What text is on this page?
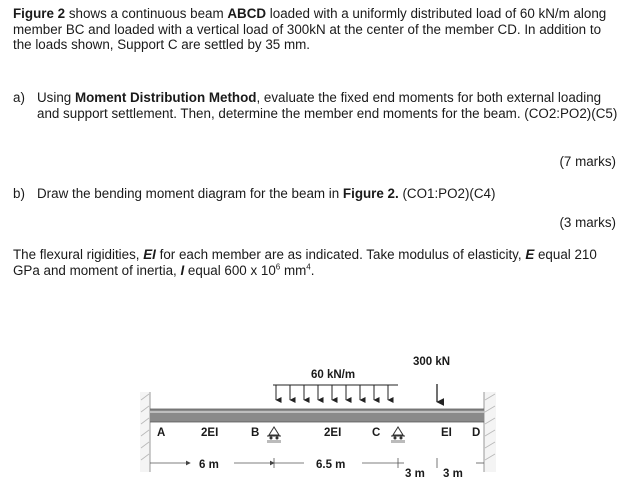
Figure 2 shows a continuous beam ABCD loaded with a uniformly distributed load of 60 kN/m along member BC and loaded with a vertical load of 300kN at the center of the member CD. In addition to the loads shown, Support C are settled by 35 mm.
a) Using Moment Distribution Method, evaluate the fixed end moments for both external loading and support settlement. Then, determine the member end moments for the beam. (CO2:PO2)(C5)
(7 marks)
b) Draw the bending moment diagram for the beam in Figure 2. (CO1:PO2)(C4)
(3 marks)
The flexural rigidities, EI for each member are as indicated. Take modulus of elasticity, E equal 210 GPa and moment of inertia, I equal 600 x $10^6$ $mm^4$.
60 kN/m
300 kN
A	B	C	D
2EI	2EI	EI
6 m	6.5 m
3 m 3 m
